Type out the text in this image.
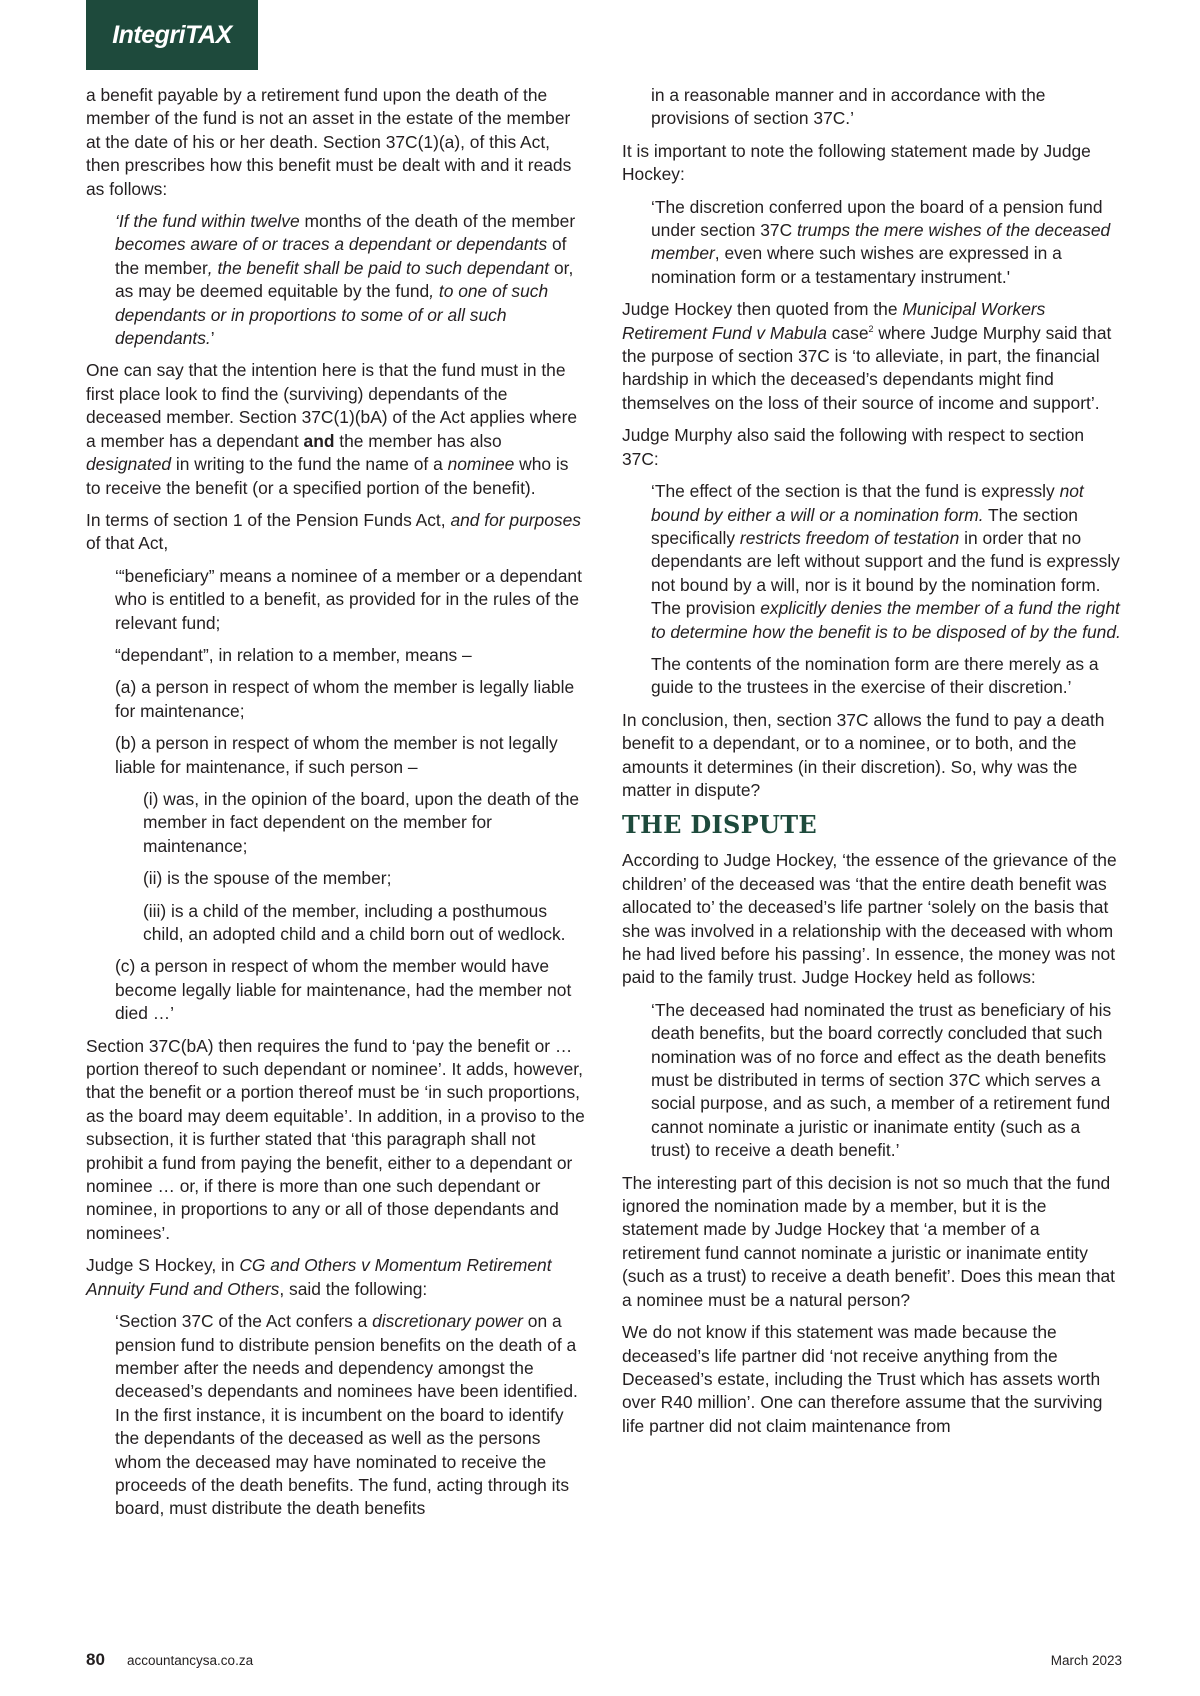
IntegriTAX

a benefit payable by a retirement fund upon the death of the member of the fund is not an asset in the estate of the member at the date of his or her death. Section 37C(1)(a), of this Act, then prescribes how this benefit must be dealt with and it reads as follows:

‘If the fund within twelve months of the death of the member becomes aware of or traces a dependant or dependants of the member, the benefit shall be paid to such dependant or, as may be deemed equitable by the fund, to one of such dependants or in proportions to some of or all such dependants.’

One can say that the intention here is that the fund must in the first place look to find the (surviving) dependants of the deceased member. Section 37C(1)(bA) of the Act applies where a member has a dependant and the member has also designated in writing to the fund the name of a nominee who is to receive the benefit (or a specified portion of the benefit).

In terms of section 1 of the Pension Funds Act, and for purposes of that Act,

‘“beneficiary” means a nominee of a member or a dependant who is entitled to a benefit, as provided for in the rules of the relevant fund;

“dependant”, in relation to a member, means –

(a) a person in respect of whom the member is legally liable for maintenance;

(b) a person in respect of whom the member is not legally liable for maintenance, if such person –

(i) was, in the opinion of the board, upon the death of the member in fact dependent on the member for maintenance;

(ii) is the spouse of the member;

(iii) is a child of the member, including a posthumous child, an adopted child and a child born out of wedlock.

(c) a person in respect of whom the member would have become legally liable for maintenance, had the member not died …’

Section 37C(bA) then requires the fund to ‘pay the benefit or … portion thereof to such dependant or nominee’. It adds, however, that the benefit or a portion thereof must be ‘in such proportions, as the board may deem equitable’. In addition, in a proviso to the subsection, it is further stated that ‘this paragraph shall not prohibit a fund from paying the benefit, either to a dependant or nominee … or, if there is more than one such dependant or nominee, in proportions to any or all of those dependants and nominees’.

Judge S Hockey, in CG and Others v Momentum Retirement Annuity Fund and Others, said the following:

‘Section 37C of the Act confers a discretionary power on a pension fund to distribute pension benefits on the death of a member after the needs and dependency amongst the deceased’s dependants and nominees have been identified. In the first instance, it is incumbent on the board to identify the dependants of the deceased as well as the persons whom the deceased may have nominated to receive the proceeds of the death benefits. The fund, acting through its board, must distribute the death benefits

in a reasonable manner and in accordance with the provisions of section 37C.’

It is important to note the following statement made by Judge Hockey:

‘The discretion conferred upon the board of a pension fund under section 37C trumps the mere wishes of the deceased member, even where such wishes are expressed in a nomination form or a testamentary instrument.'

Judge Hockey then quoted from the Municipal Workers Retirement Fund v Mabula case$^2$ where Judge Murphy said that the purpose of section 37C is ‘to alleviate, in part, the financial hardship in which the deceased’s dependants might find themselves on the loss of their source of income and support’.

Judge Murphy also said the following with respect to section 37C:

‘The effect of the section is that the fund is expressly not bound by either a will or a nomination form. The section specifically restricts freedom of testation in order that no dependants are left without support and the fund is expressly not bound by a will, nor is it bound by the nomination form. The provision explicitly denies the member of a fund the right to determine how the benefit is to be disposed of by the fund.

The contents of the nomination form are there merely as a guide to the trustees in the exercise of their discretion.’

In conclusion, then, section 37C allows the fund to pay a death benefit to a dependant, or to a nominee, or to both, and the amounts it determines (in their discretion). So, why was the matter in dispute?

THE DISPUTE

According to Judge Hockey, ‘the essence of the grievance of the children’ of the deceased was ‘that the entire death benefit was allocated to’ the deceased’s life partner ‘solely on the basis that she was involved in a relationship with the deceased with whom he had lived before his passing’. In essence, the money was not paid to the family trust. Judge Hockey held as follows:

‘The deceased had nominated the trust as beneficiary of his death benefits, but the board correctly concluded that such nomination was of no force and effect as the death benefits must be distributed in terms of section 37C which serves a social purpose, and as such, a member of a retirement fund cannot nominate a juristic or inanimate entity (such as a trust) to receive a death benefit.’

The interesting part of this decision is not so much that the fund ignored the nomination made by a member, but it is the statement made by Judge Hockey that ‘a member of a retirement fund cannot nominate a juristic or inanimate entity (such as a trust) to receive a death benefit’. Does this mean that a nominee must be a natural person?

We do not know if this statement was made because the deceased’s life partner did ‘not receive anything from the Deceased’s estate, including the Trust which has assets worth over R40 million’. One can therefore assume that the surviving life partner did not claim maintenance from

80 accountancysa.co.za	March 2023
